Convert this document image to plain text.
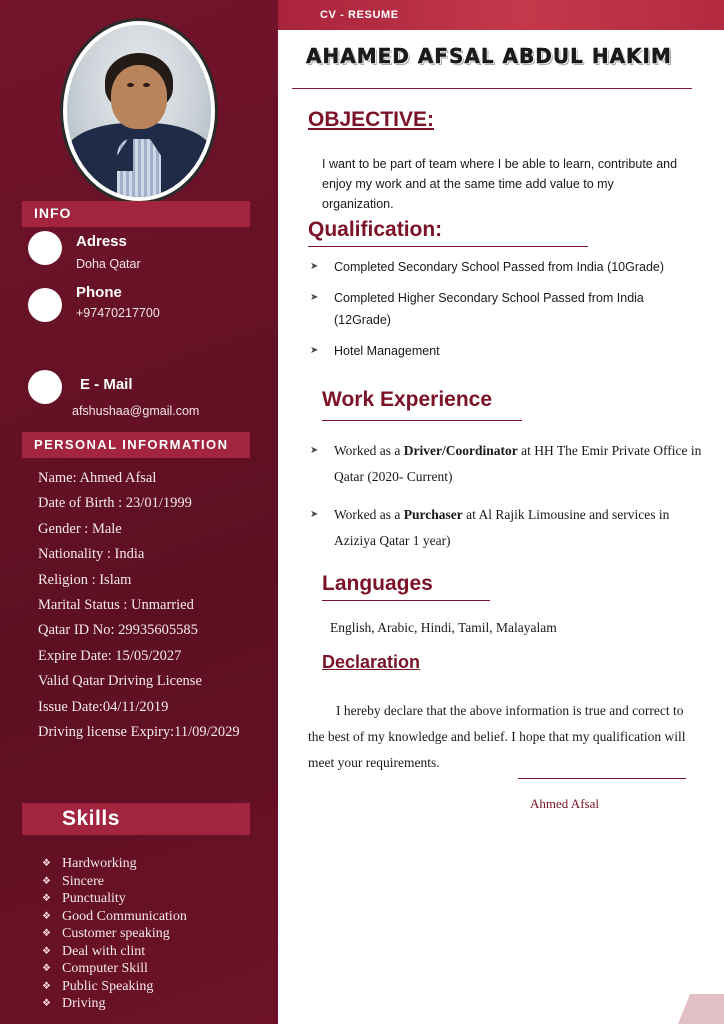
INFO
Adress
Doha Qatar
Phone
+97470217700
E - Mail
afshushaa@gmail.com
PERSONAL INFORMATION
Name: Ahmed Afsal
Date of Birth : 23/01/1999
Gender : Male
Nationality : India
Religion : Islam
Marital Status : Unmarried
Qatar ID No: 29935605585
Expire Date: 15/05/2027
Valid Qatar Driving License
Issue Date:04/11/2019
Driving license Expiry:11/09/2029
Skills
❖ Hardworking
❖ Sincere
❖ Punctuality
❖ Good Communication
❖ Customer speaking
❖ Deal with clint
❖ Computer Skill
❖ Public Speaking
❖ Driving
CV - RESUME
AHAMED AFSAL ABDUL HAKIM
OBJECTIVE:
I want to be part of team where I be able to learn, contribute and enjoy my work and at the same time add value to my organization.
Qualification:
➤ Completed Secondary School Passed from India (10Grade)
➤ Completed Higher Secondary School Passed from India (12Grade)
➤ Hotel Management
Work Experience
➤ Worked as a Driver/Coordinator at HH The Emir Private Office in Qatar (2020- Current)
➤ Worked as a Purchaser at Al Rajik Limousine and services in Aziziya Qatar 1 year)
Languages
English, Arabic, Hindi, Tamil, Malayalam
Declaration
I hereby declare that the above information is true and correct to the best of my knowledge and belief. I hope that my qualification will meet your requirements.
Ahmed Afsal
